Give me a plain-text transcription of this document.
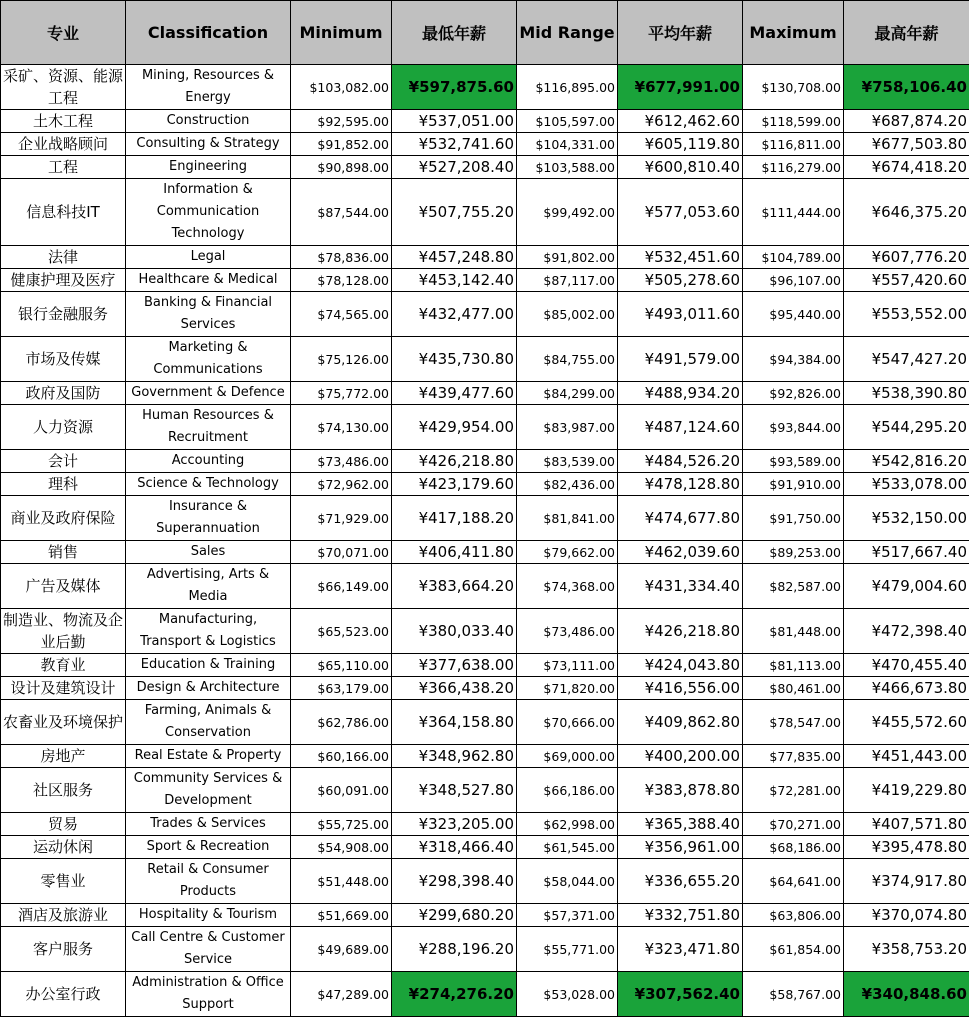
专业	Classification	Minimum	最低年薪	Mid Range	平均年薪	Maximum	最高年薪
采矿、资源、能源工程	Mining, Resources & Energy	$103,082.00	¥597,875.60	$116,895.00	¥677,991.00	$130,708.00	¥758,106.40
土木工程	Construction	$92,595.00	¥537,051.00	$105,597.00	¥612,462.60	$118,599.00	¥687,874.20
企业战略顾问	Consulting & Strategy	$91,852.00	¥532,741.60	$104,331.00	¥605,119.80	$116,811.00	¥677,503.80
工程	Engineering	$90,898.00	¥527,208.40	$103,588.00	¥600,810.40	$116,279.00	¥674,418.20
信息科技IT	Information & Communication Technology	$87,544.00	¥507,755.20	$99,492.00	¥577,053.60	$111,444.00	¥646,375.20
法律	Legal	$78,836.00	¥457,248.80	$91,802.00	¥532,451.60	$104,789.00	¥607,776.20
健康护理及医疗	Healthcare & Medical	$78,128.00	¥453,142.40	$87,117.00	¥505,278.60	$96,107.00	¥557,420.60
银行金融服务	Banking & Financial Services	$74,565.00	¥432,477.00	$85,002.00	¥493,011.60	$95,440.00	¥553,552.00
市场及传媒	Marketing & Communications	$75,126.00	¥435,730.80	$84,755.00	¥491,579.00	$94,384.00	¥547,427.20
政府及国防	Government & Defence	$75,772.00	¥439,477.60	$84,299.00	¥488,934.20	$92,826.00	¥538,390.80
人力资源	Human Resources & Recruitment	$74,130.00	¥429,954.00	$83,987.00	¥487,124.60	$93,844.00	¥544,295.20
会计	Accounting	$73,486.00	¥426,218.80	$83,539.00	¥484,526.20	$93,589.00	¥542,816.20
理科	Science & Technology	$72,962.00	¥423,179.60	$82,436.00	¥478,128.80	$91,910.00	¥533,078.00
商业及政府保险	Insurance & Superannuation	$71,929.00	¥417,188.20	$81,841.00	¥474,677.80	$91,750.00	¥532,150.00
销售	Sales	$70,071.00	¥406,411.80	$79,662.00	¥462,039.60	$89,253.00	¥517,667.40
广告及媒体	Advertising, Arts & Media	$66,149.00	¥383,664.20	$74,368.00	¥431,334.40	$82,587.00	¥479,004.60
制造业、物流及企业后勤	Manufacturing, Transport & Logistics	$65,523.00	¥380,033.40	$73,486.00	¥426,218.80	$81,448.00	¥472,398.40
教育业	Education & Training	$65,110.00	¥377,638.00	$73,111.00	¥424,043.80	$81,113.00	¥470,455.40
设计及建筑设计	Design & Architecture	$63,179.00	¥366,438.20	$71,820.00	¥416,556.00	$80,461.00	¥466,673.80
农畜业及环境保护	Farming, Animals & Conservation	$62,786.00	¥364,158.80	$70,666.00	¥409,862.80	$78,547.00	¥455,572.60
房地产	Real Estate & Property	$60,166.00	¥348,962.80	$69,000.00	¥400,200.00	$77,835.00	¥451,443.00
社区服务	Community Services & Development	$60,091.00	¥348,527.80	$66,186.00	¥383,878.80	$72,281.00	¥419,229.80
贸易	Trades & Services	$55,725.00	¥323,205.00	$62,998.00	¥365,388.40	$70,271.00	¥407,571.80
运动休闲	Sport & Recreation	$54,908.00	¥318,466.40	$61,545.00	¥356,961.00	$68,186.00	¥395,478.80
零售业	Retail & Consumer Products	$51,448.00	¥298,398.40	$58,044.00	¥336,655.20	$64,641.00	¥374,917.80
酒店及旅游业	Hospitality & Tourism	$51,669.00	¥299,680.20	$57,371.00	¥332,751.80	$63,806.00	¥370,074.80
客户服务	Call Centre & Customer Service	$49,689.00	¥288,196.20	$55,771.00	¥323,471.80	$61,854.00	¥358,753.20
办公室行政	Administration & Office Support	$47,289.00	¥274,276.20	$53,028.00	¥307,562.40	$58,767.00	¥340,848.60
